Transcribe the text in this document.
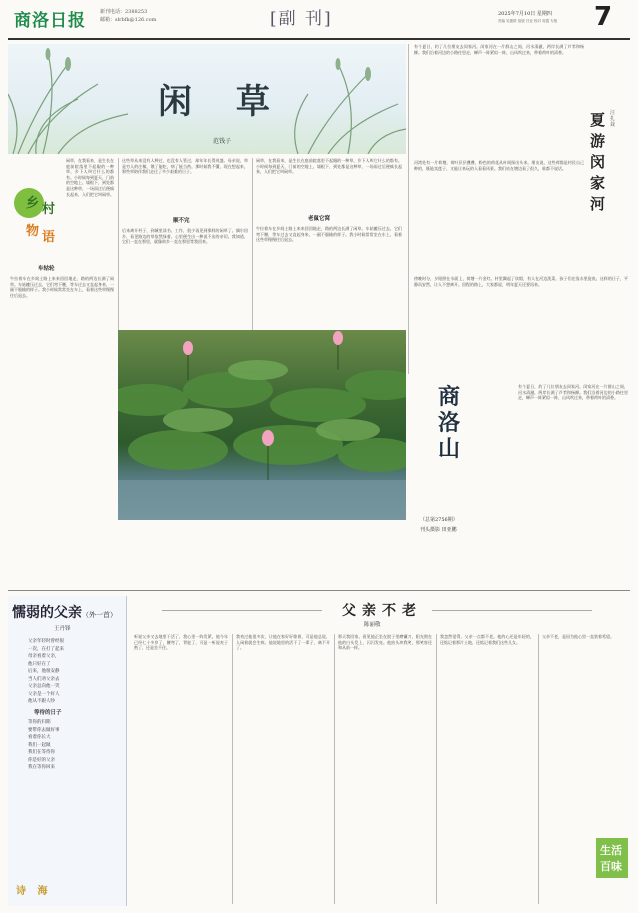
商洛日报	新刊电话：2388253
邮箱：slrbfk@126.com	[副 刊]	2025年7月10日 星期四
责编 吴捷群 组版 吕亚 校对 周霞 专版 7
闲 草
范钱子
乡 村
物 语
闲草，在我看来，是生长在庭前院落里不起眼的一种草，乡下人叫它什么的都有。小时候每到夏天，门前的空地上、墙根下，到处都是这种草，一场雨过后便疯长起来，人们把它叫闲草。
车轱轮
牛拉着车在乡间土路上来来回回地走，路的两边长满了闲草。车轱辘压过去，它们弯下腰，等车过去又直起身来，一副不服输的样子。我小时候常常坐在车上，看着这些草慢慢往后退去。
这些草从来没有人种过，也没有人管过，却年年长得茂盛。母亲说，草是穷人的庄稼，饿了能吃，病了能当药。那时候我不懂，现在想起来，那些草陪伴我们走过了多少艰难的日子。
顺不完
后来离开村子，到城里读书、工作，很少再见到那样的闲草了。偶尔回乡，看见路边的草依然绿着，心里便生出一种说不出的亲切。我知道，它们一直在那里，就像故乡一直在那里等我回来。
闲草，在我看来，是生长在庭前院落里不起眼的一种草，乡下人叫它什么的都有。小时候每到夏天，门前的空地上、墙根下，到处都是这种草，一场雨过后便疯长起来，人们把它叫闲草。
老鼠它窝
牛拉着车在乡间土路上来来回回地走，路的两边长满了闲草。车轱辘压过去，它们弯下腰，等车过去又直起身来，一副不服输的样子。我小时候常常坐在车上，看着这些草慢慢往后退去。
商洛山
（总第2756期）
刊头摄影 田亚鹏
夏游闵家河
汪扎栽
有个夏日，约了几位朋友去闵家河。闵家河在一片群山之间，河水清澈，两岸长满了芦苇和杨柳。我们沿着河边的小路往里走，蝉声一阵紧似一阵，山风吹过来，带着荷叶的清香。
河湾处有一片荷塘，荷叶层层叠叠，粉色的荷花从叶间探出头来。朋友说，这些荷都是村民自己种的，既能卖莲子，又能让来玩的人看看风景。我们站在塘边看了很久，谁都不说话。
傍晚时分，夕阳照在水面上，荷塘一片金红。村里飘起了炊烟，有人在河边洗菜，孩子们在浅水里捉鱼。这样的日子，平静而安然，让人不想离开。回程的路上，大家都说，明年夏天还要再来。
有个夏日，约了几位朋友去闵家河。闵家河在一片群山之间，河水清澈，两岸长满了芦苇和杨柳。我们沿着河边的小路往里走，蝉声一阵紧似一阵，山风吹过来，带着荷叶的清香。
懦弱的父亲（外一首）
王丹锋
父亲年轻时曾经很
一次，在打了起来
母亲看着父亲，
他只好在了
后来，他很安静
当人们劝父亲去
父亲总向他一笑
父亲是一个好人
他从不跟人吵
等待的日子
等你的归期
要带你去做好事
看着你长大
我们一起做
我们在等待你
你是好的父亲
我在等你回来
诗 海
父亲不老
陈丽敬
听说父亲又去地里干活了，我心里一阵发紧。他今年已经七十多岁了，腰弯了，背驼了，可是一听说麦子熟了，还是坐不住。
我劝过他很多次，让他在家好好歇着，可是他总说，人闲着就会生病。他说地里的活干了一辈子，离不开了。
那天我回家，看见他正坐在院子里磨镰刀，阳光照在他的白头发上，闪闪发亮。他抬头冲我笑，那笑容还和从前一样。
我忽然觉得，父亲一点都不老。他的心还是年轻的，还惦记着那片土地，还惦记着我们这些儿女。
父亲不老，是因为他心里一直装着希望。
生活
百味
